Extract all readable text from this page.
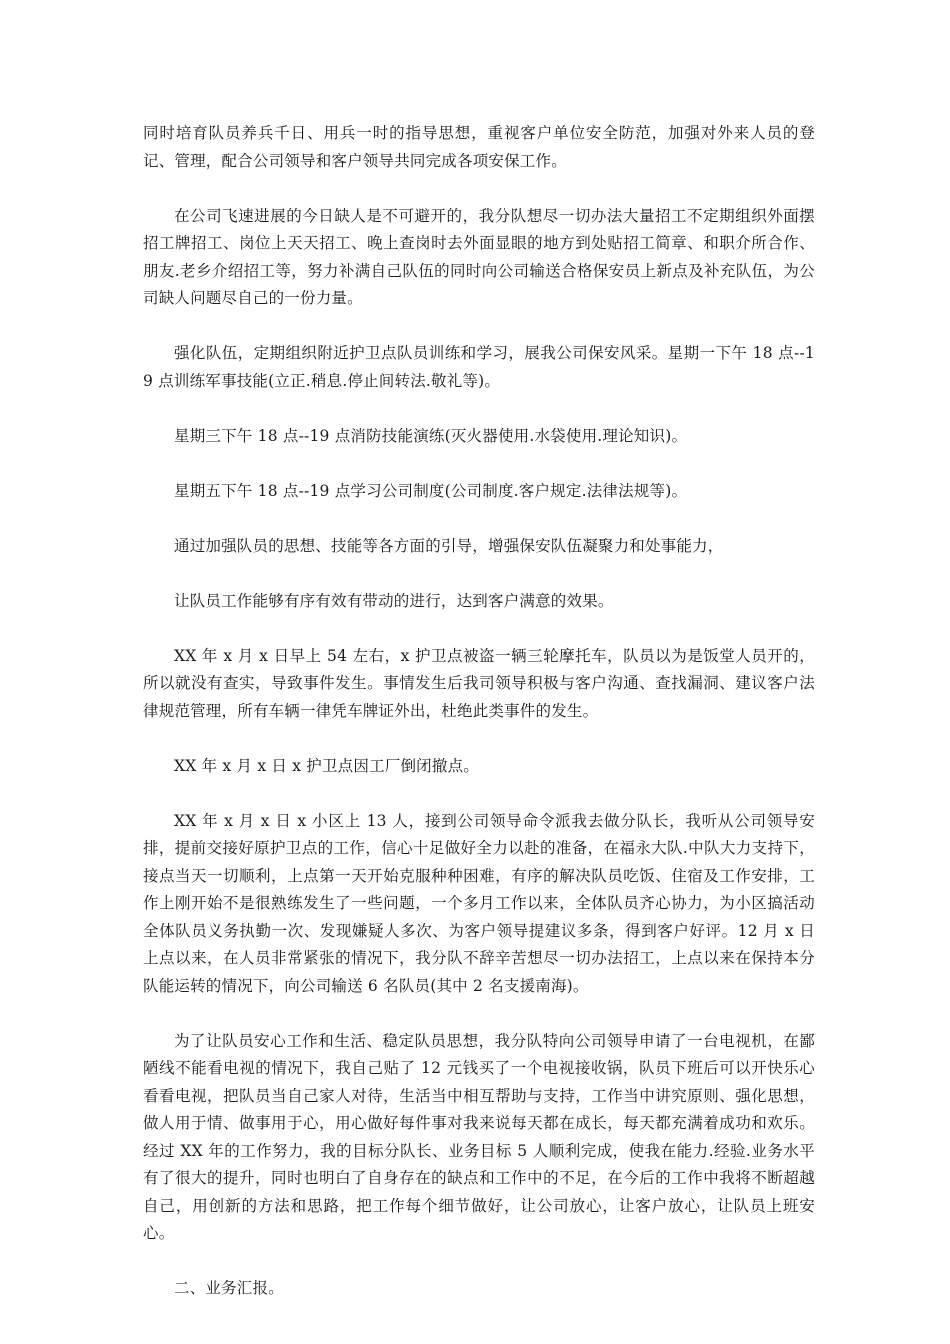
同时培育队员养兵千日、用兵一时的指导思想，重视客户单位安全防范，加强对外来人员的登记、管理，配合公司领导和客户领导共同完成各项安保工作。

在公司飞速进展的今日缺人是不可避开的，我分队想尽一切办法大量招工不定期组织外面摆招工牌招工、岗位上天天招工、晚上查岗时去外面显眼的地方到处贴招工简章、和职介所合作、朋友.老乡介绍招工等，努力补满自己队伍的同时向公司输送合格保安员上新点及补充队伍，为公司缺人问题尽自己的一份力量。

强化队伍，定期组织附近护卫点队员训练和学习，展我公司保安风采。星期一下午 18 点--19 点训练军事技能(立正.稍息.停止间转法.敬礼等)。

星期三下午 18 点--19 点消防技能演练(灭火器使用.水袋使用.理论知识)。

星期五下午 18 点--19 点学习公司制度(公司制度.客户规定.法律法规等)。

通过加强队员的思想、技能等各方面的引导，增强保安队伍凝聚力和处事能力，

让队员工作能够有序有效有带动的进行，达到客户满意的效果。

XX 年 x 月 x 日早上 54 左右，x 护卫点被盗一辆三轮摩托车，队员以为是饭堂人员开的，所以就没有查实，导致事件发生。事情发生后我司领导积极与客户沟通、查找漏洞、建议客户法律规范管理，所有车辆一律凭车牌证外出，杜绝此类事件的发生。

XX 年 x 月 x 日 x 护卫点因工厂倒闭撤点。

XX 年 x 月 x 日 x 小区上 13 人，接到公司领导命令派我去做分队长，我听从公司领导安排，提前交接好原护卫点的工作，信心十足做好全力以赴的准备，在福永大队.中队大力支持下，接点当天一切顺利，上点第一天开始克服种种困难，有序的解决队员吃饭、住宿及工作安排，工作上刚开始不是很熟练发生了一些问题，一个多月工作以来，全体队员齐心协力，为小区搞活动全体队员义务执勤一次、发现嫌疑人多次、为客户领导提建议多条，得到客户好评。12 月 x 日上点以来，在人员非常紧张的情况下，我分队不辞辛苦想尽一切办法招工，上点以来在保持本分队能运转的情况下，向公司输送 6 名队员(其中 2 名支援南海)。

为了让队员安心工作和生活、稳定队员思想，我分队特向公司领导申请了一台电视机，在鄙陋线不能看电视的情况下，我自己贴了 12 元钱买了一个电视接收锅，队员下班后可以开快乐心看看电视，把队员当自己家人对待，生活当中相互帮助与支持，工作当中讲究原则、强化思想，做人用于情、做事用于心，用心做好每件事对我来说每天都在成长，每天都充满着成功和欢乐。经过 XX 年的工作努力，我的目标分队长、业务目标 5 人顺利完成，使我在能力.经验.业务水平有了很大的提升，同时也明白了自身存在的缺点和工作中的不足，在今后的工作中我将不断超越自己，用创新的方法和思路，把工作每个细节做好，让公司放心，让客户放心，让队员上班安心。

二、业务汇报。
